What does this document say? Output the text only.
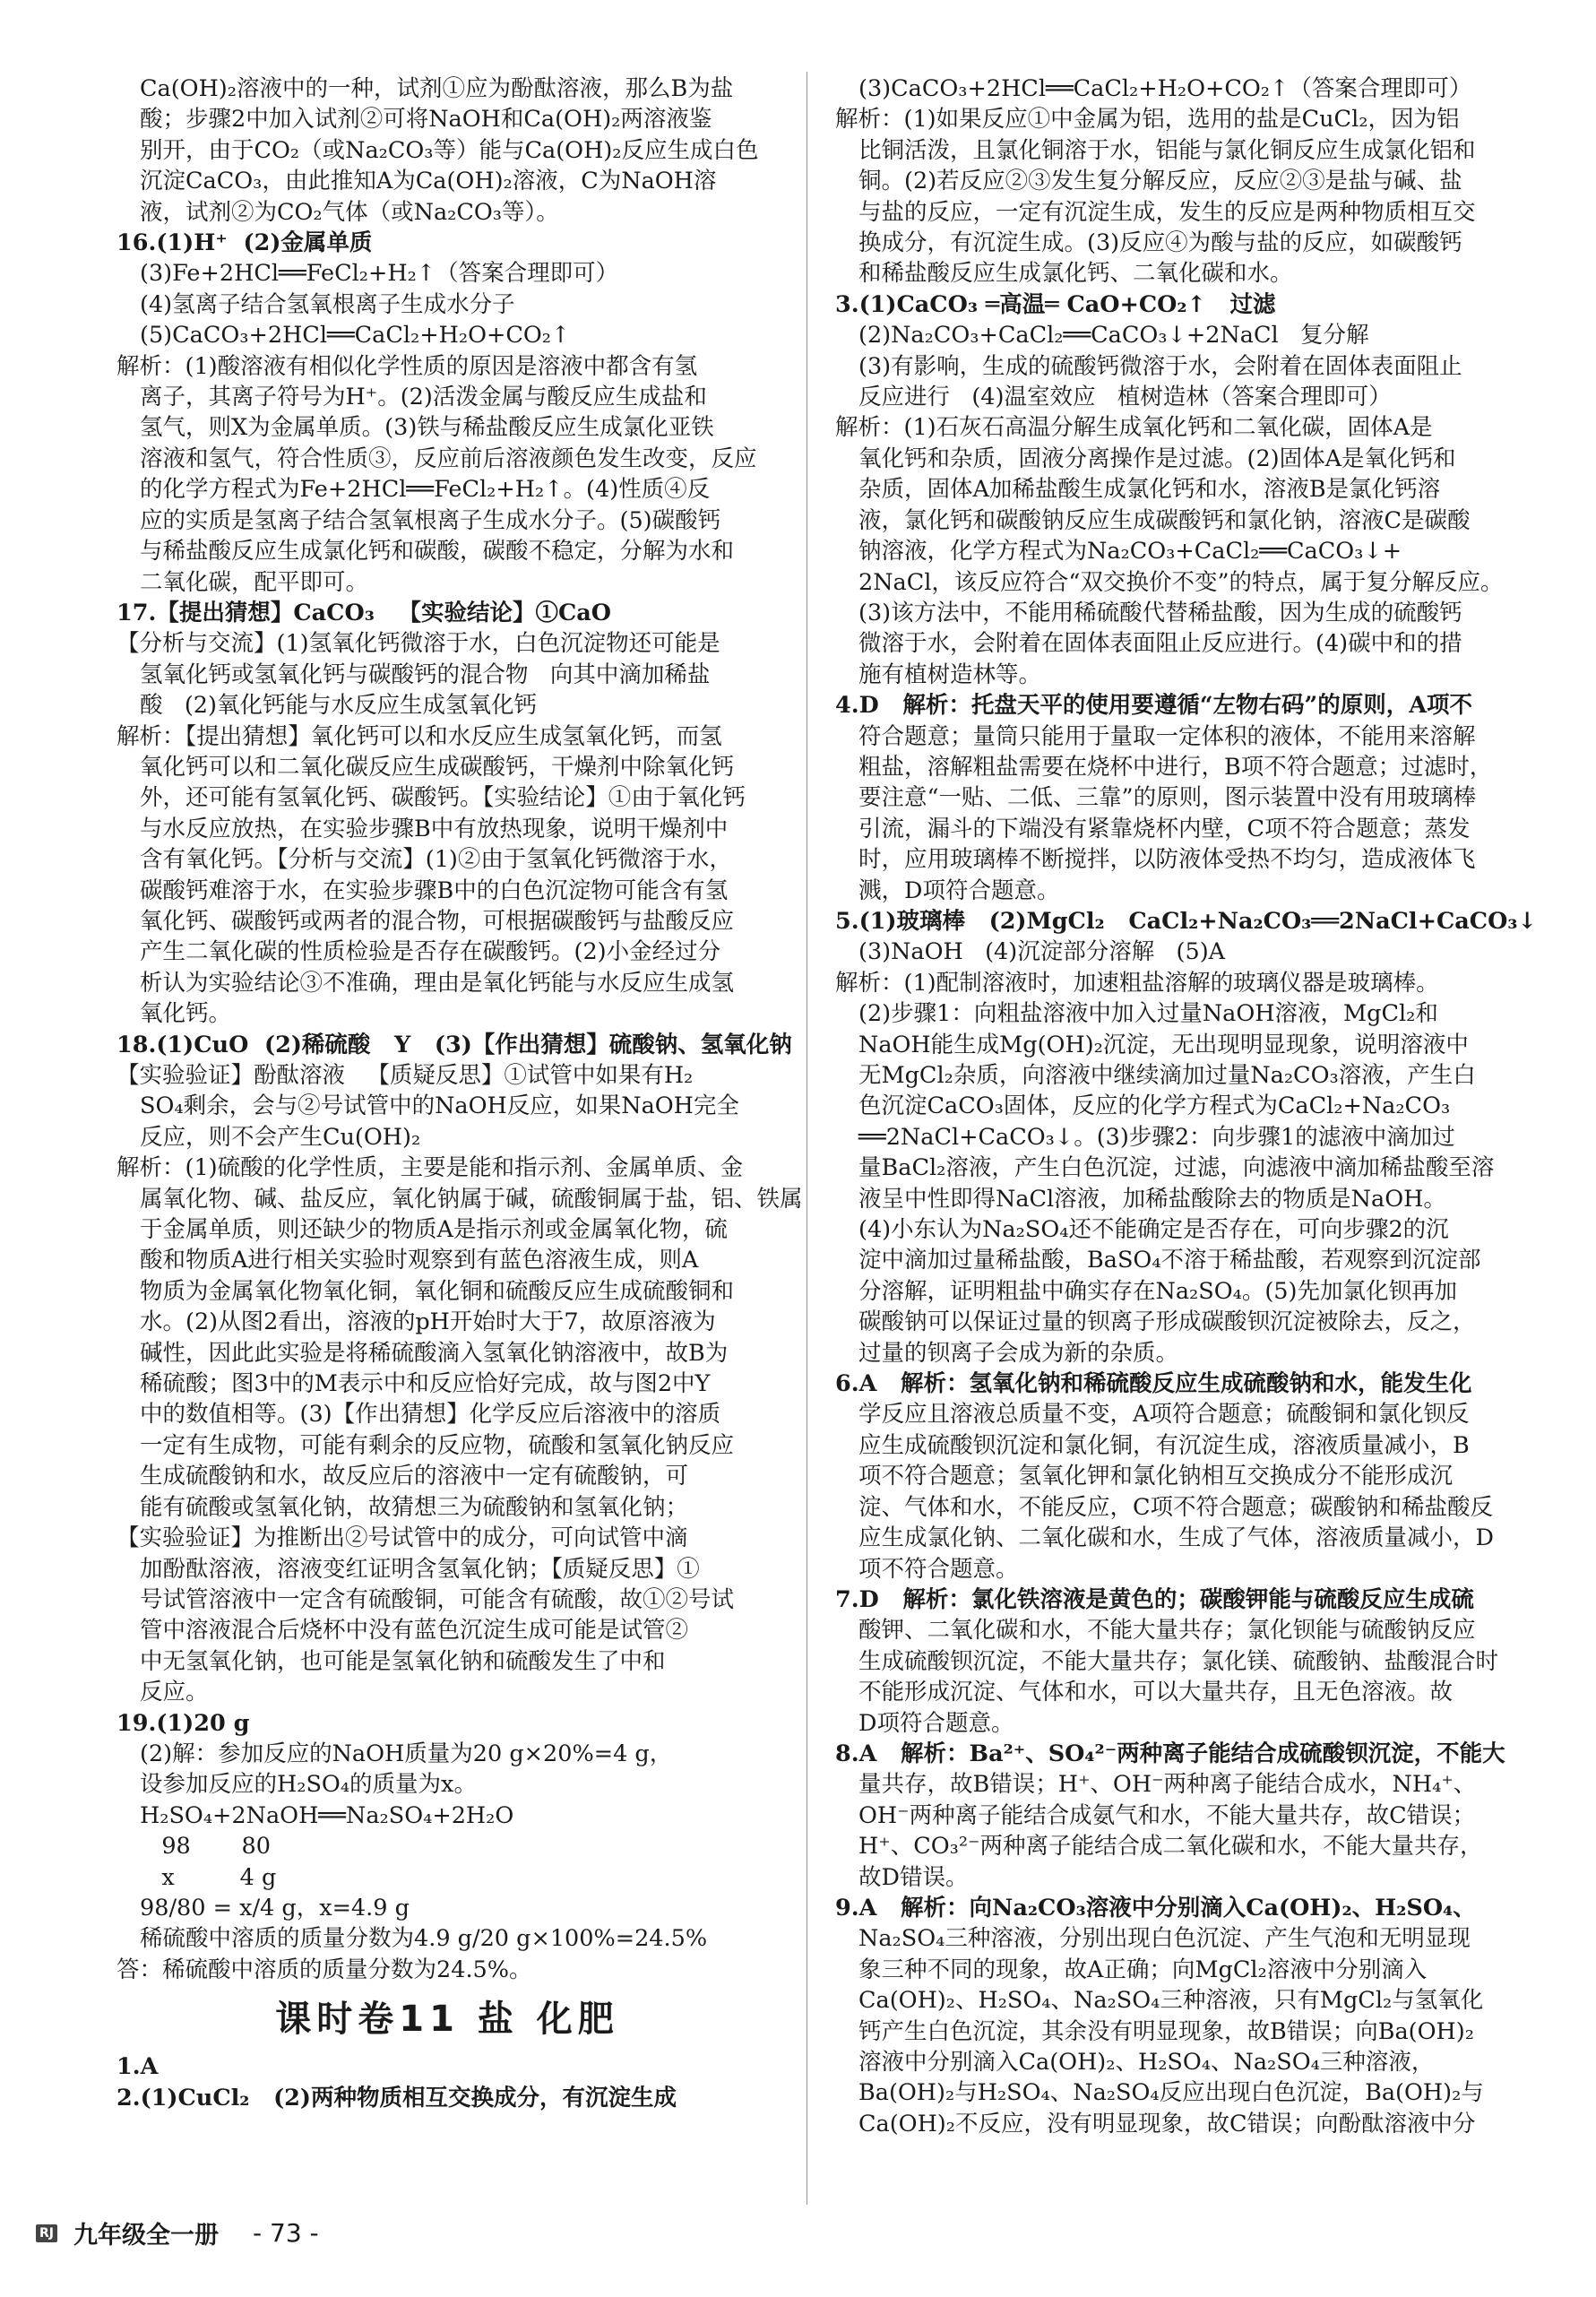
Ca(OH)₂溶液中的一种，试剂①应为酚酞溶液，那么B为盐

酸；步骤2中加入试剂②可将NaOH和Ca(OH)₂两溶液鉴

别开，由于CO₂（或Na₂CO₃等）能与Ca(OH)₂反应生成白色

沉淀CaCO₃，由此推知A为Ca(OH)₂溶液，C为NaOH溶

液，试剂②为CO₂气体（或Na₂CO₃等）。

16.(1)H⁺  (2)金属单质

(3)Fe+2HCl══FeCl₂+H₂↑（答案合理即可）

(4)氢离子结合氢氧根离子生成水分子

(5)CaCO₃+2HCl══CaCl₂+H₂O+CO₂↑

解析：(1)酸溶液有相似化学性质的原因是溶液中都含有氢

离子，其离子符号为H⁺。(2)活泼金属与酸反应生成盐和

氢气，则X为金属单质。(3)铁与稀盐酸反应生成氯化亚铁

溶液和氢气，符合性质③，反应前后溶液颜色发生改变，反应

的化学方程式为Fe+2HCl══FeCl₂+H₂↑。(4)性质④反

应的实质是氢离子结合氢氧根离子生成水分子。(5)碳酸钙

与稀盐酸反应生成氯化钙和碳酸，碳酸不稳定，分解为水和

二氧化碳，配平即可。

17.【提出猜想】CaCO₃   【实验结论】①CaO

【分析与交流】(1)氢氧化钙微溶于水，白色沉淀物还可能是

氢氧化钙或氢氧化钙与碳酸钙的混合物   向其中滴加稀盐

酸   (2)氧化钙能与水反应生成氢氧化钙

解析：【提出猜想】氧化钙可以和水反应生成氢氧化钙，而氢

氧化钙可以和二氧化碳反应生成碳酸钙，干燥剂中除氧化钙

外，还可能有氢氧化钙、碳酸钙。【实验结论】①由于氧化钙

与水反应放热，在实验步骤B中有放热现象，说明干燥剂中

含有氧化钙。【分析与交流】(1)②由于氢氧化钙微溶于水，

碳酸钙难溶于水，在实验步骤B中的白色沉淀物可能含有氢

氧化钙、碳酸钙或两者的混合物，可根据碳酸钙与盐酸反应

产生二氧化碳的性质检验是否存在碳酸钙。(2)小金经过分

析认为实验结论③不准确，理由是氧化钙能与水反应生成氢

氧化钙。

18.(1)CuO  (2)稀硫酸   Y   (3)【作出猜想】硫酸钠、氢氧化钠

【实验验证】酚酞溶液   【质疑反思】①试管中如果有H₂

SO₄剩余，会与②号试管中的NaOH反应，如果NaOH完全

反应，则不会产生Cu(OH)₂

解析：(1)硫酸的化学性质，主要是能和指示剂、金属单质、金

属氧化物、碱、盐反应，氧化钠属于碱，硫酸铜属于盐，铝、铁属

于金属单质，则还缺少的物质A是指示剂或金属氧化物，硫

酸和物质A进行相关实验时观察到有蓝色溶液生成，则A

物质为金属氧化物氧化铜，氧化铜和硫酸反应生成硫酸铜和

水。(2)从图2看出，溶液的pH开始时大于7，故原溶液为

碱性，因此此实验是将稀硫酸滴入氢氧化钠溶液中，故B为

稀硫酸；图3中的M表示中和反应恰好完成，故与图2中Y

中的数值相等。(3)【作出猜想】化学反应后溶液中的溶质

一定有生成物，可能有剩余的反应物，硫酸和氢氧化钠反应

生成硫酸钠和水，故反应后的溶液中一定有硫酸钠，可

能有硫酸或氢氧化钠，故猜想三为硫酸钠和氢氧化钠；

【实验验证】为推断出②号试管中的成分，可向试管中滴

加酚酞溶液，溶液变红证明含氢氧化钠；【质疑反思】①

号试管溶液中一定含有硫酸铜，可能含有硫酸，故①②号试

管中溶液混合后烧杯中没有蓝色沉淀生成可能是试管②

中无氢氧化钠，也可能是氢氧化钠和硫酸发生了中和

反应。

19.(1)20 g

(2)解：参加反应的NaOH质量为20 g×20%=4 g，

设参加反应的H₂SO₄的质量为x。

H₂SO₄+2NaOH══Na₂SO₄+2H₂O

98       80

x         4 g

98/80 = x/4 g，x=4.9 g

稀硫酸中溶质的质量分数为4.9 g/20 g×100%=24.5%

答：稀硫酸中溶质的质量分数为24.5%。

课时卷11 盐 化肥

1.A

2.(1)CuCl₂   (2)两种物质相互交换成分，有沉淀生成

(3)CaCO₃+2HCl══CaCl₂+H₂O+CO₂↑（答案合理即可）

解析：(1)如果反应①中金属为铝，选用的盐是CuCl₂，因为铝

比铜活泼，且氯化铜溶于水，铝能与氯化铜反应生成氯化铝和

铜。(2)若反应②③发生复分解反应，反应②③是盐与碱、盐

与盐的反应，一定有沉淀生成，发生的反应是两种物质相互交

换成分，有沉淀生成。(3)反应④为酸与盐的反应，如碳酸钙

和稀盐酸反应生成氯化钙、二氧化碳和水。

3.(1)CaCO₃ ═高温═ CaO+CO₂↑   过滤

(2)Na₂CO₃+CaCl₂══CaCO₃↓+2NaCl   复分解

(3)有影响，生成的硫酸钙微溶于水，会附着在固体表面阻止

反应进行   (4)温室效应   植树造林（答案合理即可）

解析：(1)石灰石高温分解生成氧化钙和二氧化碳，固体A是

氧化钙和杂质，固液分离操作是过滤。(2)固体A是氧化钙和

杂质，固体A加稀盐酸生成氯化钙和水，溶液B是氯化钙溶

液，氯化钙和碳酸钠反应生成碳酸钙和氯化钠，溶液C是碳酸

钠溶液，化学方程式为Na₂CO₃+CaCl₂══CaCO₃↓+

2NaCl，该反应符合“双交换价不变”的特点，属于复分解反应。

(3)该方法中，不能用稀硫酸代替稀盐酸，因为生成的硫酸钙

微溶于水，会附着在固体表面阻止反应进行。(4)碳中和的措

施有植树造林等。

4.D   解析：托盘天平的使用要遵循“左物右码”的原则，A项不

符合题意；量筒只能用于量取一定体积的液体，不能用来溶解

粗盐，溶解粗盐需要在烧杯中进行，B项不符合题意；过滤时，

要注意“一贴、二低、三靠”的原则，图示装置中没有用玻璃棒

引流，漏斗的下端没有紧靠烧杯内壁，C项不符合题意；蒸发

时，应用玻璃棒不断搅拌，以防液体受热不均匀，造成液体飞

溅，D项符合题意。

5.(1)玻璃棒   (2)MgCl₂   CaCl₂+Na₂CO₃══2NaCl+CaCO₃↓

(3)NaOH   (4)沉淀部分溶解   (5)A

解析：(1)配制溶液时，加速粗盐溶解的玻璃仪器是玻璃棒。

(2)步骤1：向粗盐溶液中加入过量NaOH溶液，MgCl₂和

NaOH能生成Mg(OH)₂沉淀，无出现明显现象，说明溶液中

无MgCl₂杂质，向溶液中继续滴加过量Na₂CO₃溶液，产生白

色沉淀CaCO₃固体，反应的化学方程式为CaCl₂+Na₂CO₃

══2NaCl+CaCO₃↓。(3)步骤2：向步骤1的滤液中滴加过

量BaCl₂溶液，产生白色沉淀，过滤，向滤液中滴加稀盐酸至溶

液呈中性即得NaCl溶液，加稀盐酸除去的物质是NaOH。

(4)小东认为Na₂SO₄还不能确定是否存在，可向步骤2的沉

淀中滴加过量稀盐酸，BaSO₄不溶于稀盐酸，若观察到沉淀部

分溶解，证明粗盐中确实存在Na₂SO₄。(5)先加氯化钡再加

碳酸钠可以保证过量的钡离子形成碳酸钡沉淀被除去，反之，

过量的钡离子会成为新的杂质。

6.A   解析：氢氧化钠和稀硫酸反应生成硫酸钠和水，能发生化

学反应且溶液总质量不变，A项符合题意；硫酸铜和氯化钡反

应生成硫酸钡沉淀和氯化铜，有沉淀生成，溶液质量减小，B

项不符合题意；氢氧化钾和氯化钠相互交换成分不能形成沉

淀、气体和水，不能反应，C项不符合题意；碳酸钠和稀盐酸反

应生成氯化钠、二氧化碳和水，生成了气体，溶液质量减小，D

项不符合题意。

7.D   解析：氯化铁溶液是黄色的；碳酸钾能与硫酸反应生成硫

酸钾、二氧化碳和水，不能大量共存；氯化钡能与硫酸钠反应

生成硫酸钡沉淀，不能大量共存；氯化镁、硫酸钠、盐酸混合时

不能形成沉淀、气体和水，可以大量共存，且无色溶液。故

D项符合题意。

8.A   解析：Ba²⁺、SO₄²⁻两种离子能结合成硫酸钡沉淀，不能大

量共存，故B错误；H⁺、OH⁻两种离子能结合成水，NH₄⁺、

OH⁻两种离子能结合成氨气和水，不能大量共存，故C错误；

H⁺、CO₃²⁻两种离子能结合成二氧化碳和水，不能大量共存，

故D错误。

9.A   解析：向Na₂CO₃溶液中分别滴入Ca(OH)₂、H₂SO₄、

Na₂SO₄三种溶液，分别出现白色沉淀、产生气泡和无明显现

象三种不同的现象，故A正确；向MgCl₂溶液中分别滴入

Ca(OH)₂、H₂SO₄、Na₂SO₄三种溶液，只有MgCl₂与氢氧化

钙产生白色沉淀，其余没有明显现象，故B错误；向Ba(OH)₂

溶液中分别滴入Ca(OH)₂、H₂SO₄、Na₂SO₄三种溶液，

Ba(OH)₂与H₂SO₄、Na₂SO₄反应出现白色沉淀，Ba(OH)₂与

Ca(OH)₂不反应，没有明显现象，故C错误；向酚酞溶液中分

RJ 九年级全一册 - 73 -
